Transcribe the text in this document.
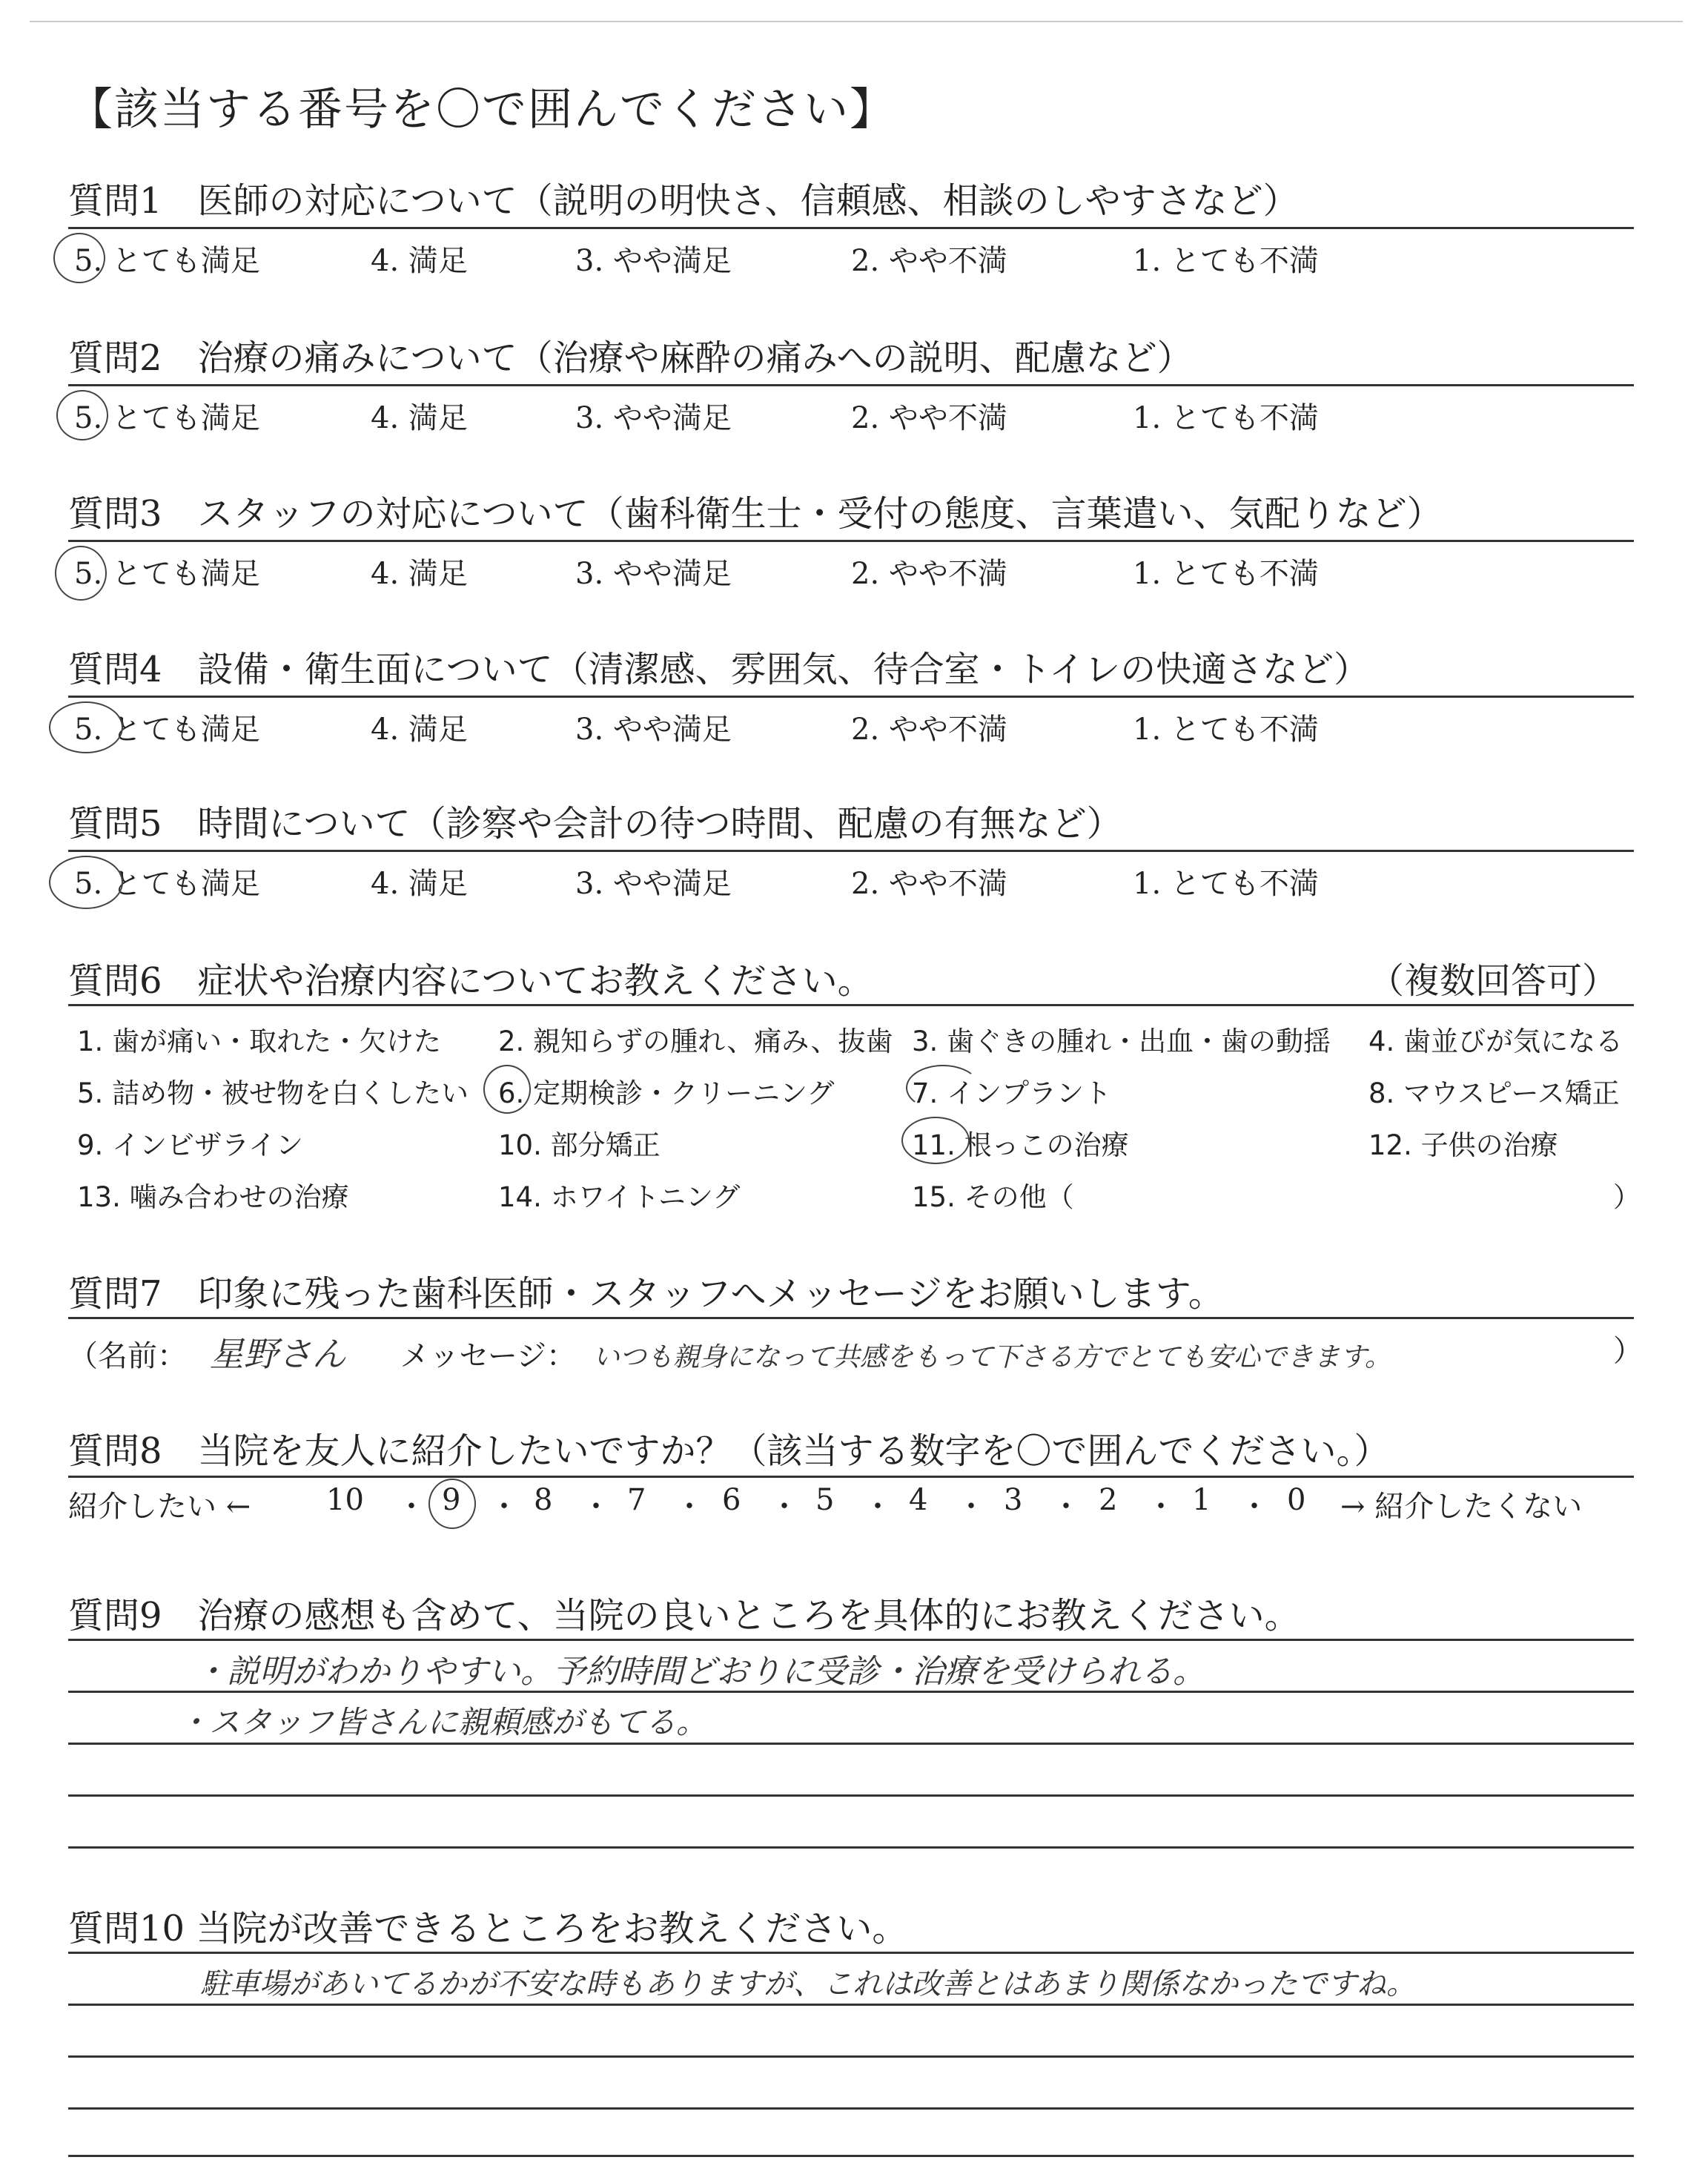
【該当する番号を〇で囲んでください】
質問1　医師の対応について（説明の明快さ、信頼感、相談のしやすさなど）
5. とても満足	4. 満足	3. やや満足	2. やや不満	1. とても不満
質問2　治療の痛みについて（治療や麻酔の痛みへの説明、配慮など）
5. とても満足	4. 満足	3. やや満足	2. やや不満	1. とても不満
質問3　スタッフの対応について（歯科衛生士・受付の態度、言葉遣い、気配りなど）
5. とても満足	4. 満足	3. やや満足	2. やや不満	1. とても不満
質問4　設備・衛生面について（清潔感、雰囲気、待合室・トイレの快適さなど）
5. とても満足	4. 満足	3. やや満足	2. やや不満	1. とても不満
質問5　時間について（診察や会計の待つ時間、配慮の有無など）
5. とても満足	4. 満足	3. やや満足	2. やや不満	1. とても不満
質問6　症状や治療内容についてお教えください。	（複数回答可）
1. 歯が痛い・取れた・欠けた 2. 親知らずの腫れ、痛み、抜歯 3. 歯ぐきの腫れ・出血・歯の動揺 4. 歯並びが気になる
5. 詰め物・被せ物を白くしたい 6. 定期検診・クリーニング	7. インプラント	8. マウスピース矯正
9. インビザライン	10. 部分矯正	11. 根っこの治療	12. 子供の治療
13. 噛み合わせの治療	14. ホワイトニング	15. その他（	）
質問7　印象に残った歯科医師・スタッフへメッセージをお願いします。
（名前： 星野さん メッセージ： いつも親身になって共感をもって下さる方でとても安心できます。	）
質問8　当院を友人に紹介したいですか？（該当する数字を〇で囲んでください。）
紹介したい ←	10 ・ 9 ・ 8 ・ 7 ・ 6 ・ 5 ・ 4 ・ 3 ・ 2 ・ 1 ・ 0 → 紹介したくない
質問9　治療の感想も含めて、当院の良いところを具体的にお教えください。
・説明がわかりやすい。予約時間どおりに受診・治療を受けられる。
・スタッフ皆さんに親頼感がもてる。
質問10 当院が改善できるところをお教えください。
駐車場があいてるかが不安な時もありますが、これは改善とはあまり関係なかったですね。
